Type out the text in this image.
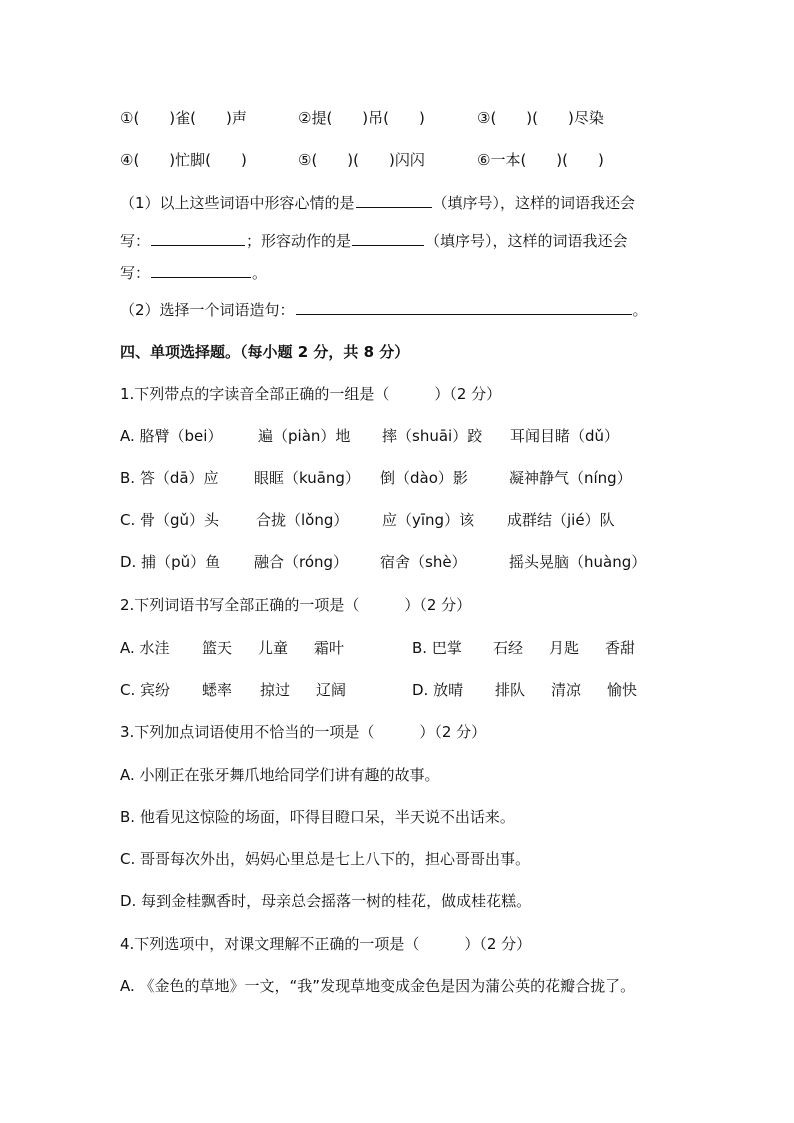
①(　　)雀(　　)声	②提(　　)吊(　　)	③(　　)(　　)尽染
④(　　)忙脚(　　)	⑤(　　)(　　)闪闪	⑥一本(　　)(　　)
（1）以上这些词语中形容心情的是	（填序号），这样的词语我还会
写：	；形容动作的是	（填序号），这样的词语我还会
写：	。
（2）选择一个词语造句：	。
四、单项选择题。（每小题 2 分，共 8 分）
1.下列带点的字读音全部正确的一组是（　　　）（2 分）
A. 胳臂（bei） 遍（piàn）地 摔（shuāi）跤 耳闻目睹（dǔ）
B. 答（dā）应 眼眶（kuāng） 倒（dào）影	凝神静气（níng）
C. 骨（gǔ）头 合拢（lǒng） 应（yīng）该 成群结（jié）队
D. 捕（pǔ）鱼 融合（róng） 宿舍（shè）	摇头晃脑（huàng）
2.下列词语书写全部正确的一项是（　　　）（2 分）
A. 水洼 篮天 儿童 霜叶	B. 巴掌 石经 月匙 香甜
C. 宾纷 蟋率 掠过 辽阔	D. 放晴 排队 清凉 愉快
3.下列加点词语使用不恰当的一项是（　　　）（2 分）
A. 小刚正在张牙舞爪地给同学们讲有趣的故事。
B. 他看见这惊险的场面，吓得目瞪口呆，半天说不出话来。
C. 哥哥每次外出，妈妈心里总是七上八下的，担心哥哥出事。
D. 每到金桂飘香时，母亲总会摇落一树的桂花，做成桂花糕。
4.下列选项中，对课文理解不正确的一项是（　　　）（2 分）
A. 《金色的草地》一文，“我”发现草地变成金色是因为蒲公英的花瓣合拢了。
